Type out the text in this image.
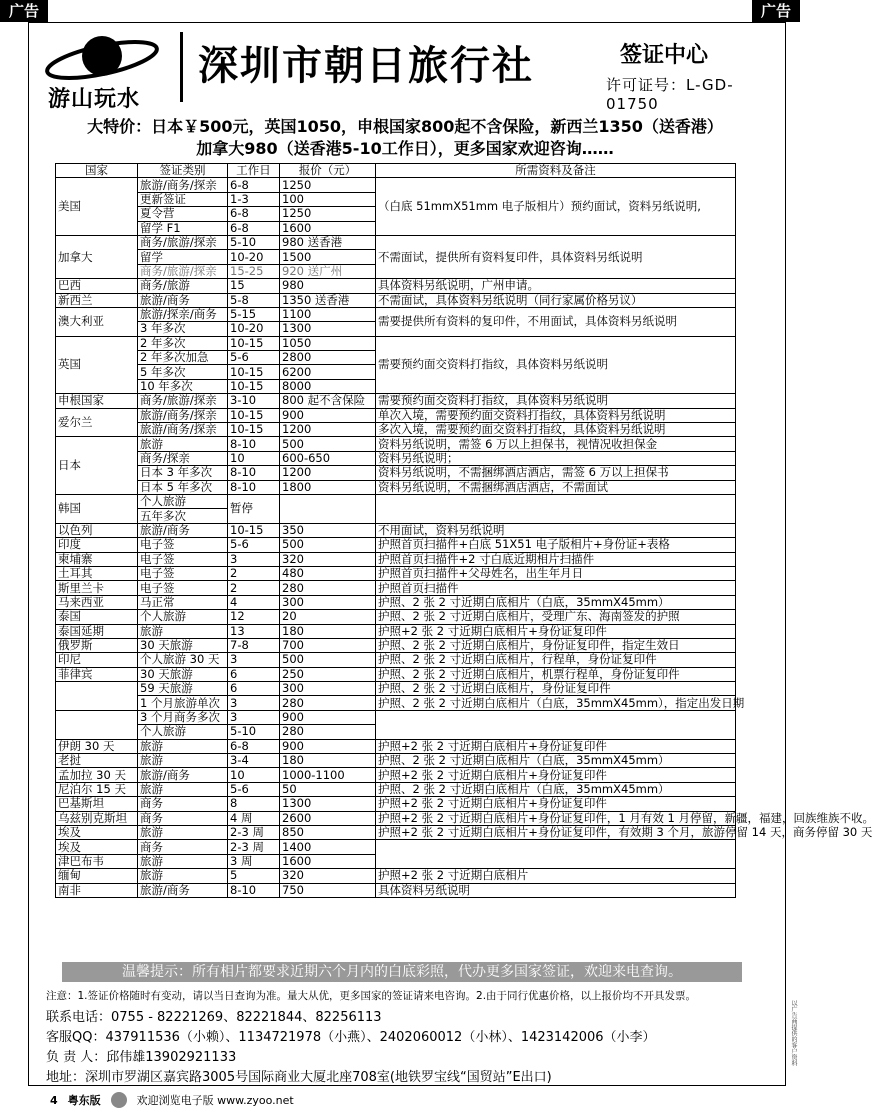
广告	广告
游山玩水
深圳市朝日旅行社	签证中心
许可证号：L-GD-01750
大特价：日本￥500元，英国1050，申根国家800起不含保险，新西兰1350（送香港）
加拿大980（送香港5-10工作日），更多国家欢迎咨询……
国家	签证类别	工作日	报价（元）	所需资料及备注
美国	旅游/商务/探亲	6-8	1250	（白底 51mmX51mm 电子版相片）预约面试，资料另纸说明,
	更新签证	1-3	100	
	夏令营	6-8	1250	
	留学 F1	6-8	1600	
加拿大	商务/旅游/探亲	5-10	980 送香港	不需面试，提供所有资料复印件，具体资料另纸说明
	留学	10-20	1500	
	商务/旅游/探亲	15-25	920 送广州	
巴西	商务/旅游	15	980	具体资料另纸说明，广州申请。
新西兰	旅游/商务	5-8	1350 送香港	不需面试，具体资料另纸说明（同行家属价格另议）
澳大利亚	旅游/探亲/商务	5-15	1100	需要提供所有资料的复印件，不用面试，具体资料另纸说明
	3 年多次	10-20	1300	
英国	2 年多次	10-15	1050	需要预约面交资料打指纹，具体资料另纸说明
	2 年多次加急	5-6	2800	
	5 年多次	10-15	6200	
	10 年多次	10-15	8000	
申根国家	商务/旅游/探亲	3-10	800 起不含保险	需要预约面交资料打指纹，具体资料另纸说明
爱尔兰	旅游/商务/探亲	10-15	900	单次入境，需要预约面交资料打指纹，具体资料另纸说明
	旅游/商务/探亲	10-15	1200	多次入境，需要预约面交资料打指纹，具体资料另纸说明
日本	旅游	8-10	500	资料另纸说明，需签 6 万以上担保书，视情况收担保金
	商务/探亲	10	600-650	资料另纸说明；
	日本 3 年多次	8-10	1200	资料另纸说明，不需捆绑酒店酒店，需签 6 万以上担保书
	日本 5 年多次	8-10	1800	资料另纸说明，不需捆绑酒店酒店，不需面试
韩国	个人旅游	暂停		
	五年多次			
以色列	旅游/商务	10-15	350	不用面试，资料另纸说明
印度	电子签	5-6	500	护照首页扫描件+白底 51X51 电子版相片+身份证+表格
柬埔寨	电子签	3	320	护照首页扫描件+2 寸白底近期相片扫描件
土耳其	电子签	2	480	护照首页扫描件+父母姓名，出生年月日
斯里兰卡	电子签	2	280	护照首页扫描件
马来西亚	马正常	4	300	护照、2 张 2 寸近期白底相片（白底，35mmX45mm）
泰国	个人旅游	12	20	护照、2 张 2 寸近期白底相片，受理广东、海南签发的护照
泰国延期	旅游	13	180	护照+2 张 2 寸近期白底相片+身份证复印件
俄罗斯	30 天旅游	7-8	700	护照、2 张 2 寸近期白底相片，身份证复印件，指定生效日
印尼	个人旅游 30 天	3	500	护照、2 张 2 寸近期白底相片，行程单，身份证复印件
菲律宾	30 天旅游	6	250	护照、2 张 2 寸近期白底相片，机票行程单，身份证复印件
	59 天旅游	6	300	护照、2 张 2 寸近期白底相片，身份证复印件
	1 个月旅游单次	3	280	护照、2 张 2 寸近期白底相片（白底，35mmX45mm），指定出发日期
	3 个月商务多次	3	900	
	个人旅游	5-10	280	
伊朗 30 天	旅游	6-8	900	护照+2 张 2 寸近期白底相片+身份证复印件
老挝	旅游	3-4	180	护照、2 张 2 寸近期白底相片（白底，35mmX45mm）
孟加拉 30 天	旅游/商务	10	1000-1100	护照+2 张 2 寸近期白底相片+身份证复印件
尼泊尔 15 天	旅游	5-6	50	护照、2 张 2 寸近期白底相片（白底，35mmX45mm）
巴基斯坦	商务	8	1300	护照+2 张 2 寸近期白底相片+身份证复印件
乌兹别克斯坦	商务	4 周	2600	护照+2 张 2 寸近期白底相片+身份证复印件，1 月有效 1 月停留，新疆，福建，回族维族不收。
埃及	旅游	2-3 周	850	护照+2 张 2 寸近期白底相片+身份证复印件，有效期 3 个月，旅游停留 14 天，商务停留 30 天
埃及	商务	2-3 周	1400	
津巴布韦	旅游	3 周	1600	
缅甸	旅游	5	320	护照+2 张 2 寸近期白底相片
南非	旅游/商务	8-10	750	具体资料另纸说明
温馨提示：所有相片都要求近期六个月内的白底彩照，代办更多国家签证，欢迎来电查询。
注意：1.签证价格随时有变动，请以当日查询为准。量大从优，更多国家的签证请来电咨询。2.由于同行优惠价格，以上报价均不开具发票。
联系电话：0755 - 82221269、82221844、82256113
客服QQ：437911536（小赖）、1134721978（小燕）、2402060012（小林）、1423142006（小李）
负 责 人：邱伟雄13902921133
地址：深圳市罗湖区嘉宾路3005号国际商业大厦北座708室(地铁罗宝线“国贸站”E出口)
以广告商提供的客户资料
4 粤东版	欢迎浏览电子版 www.zyoo.net
